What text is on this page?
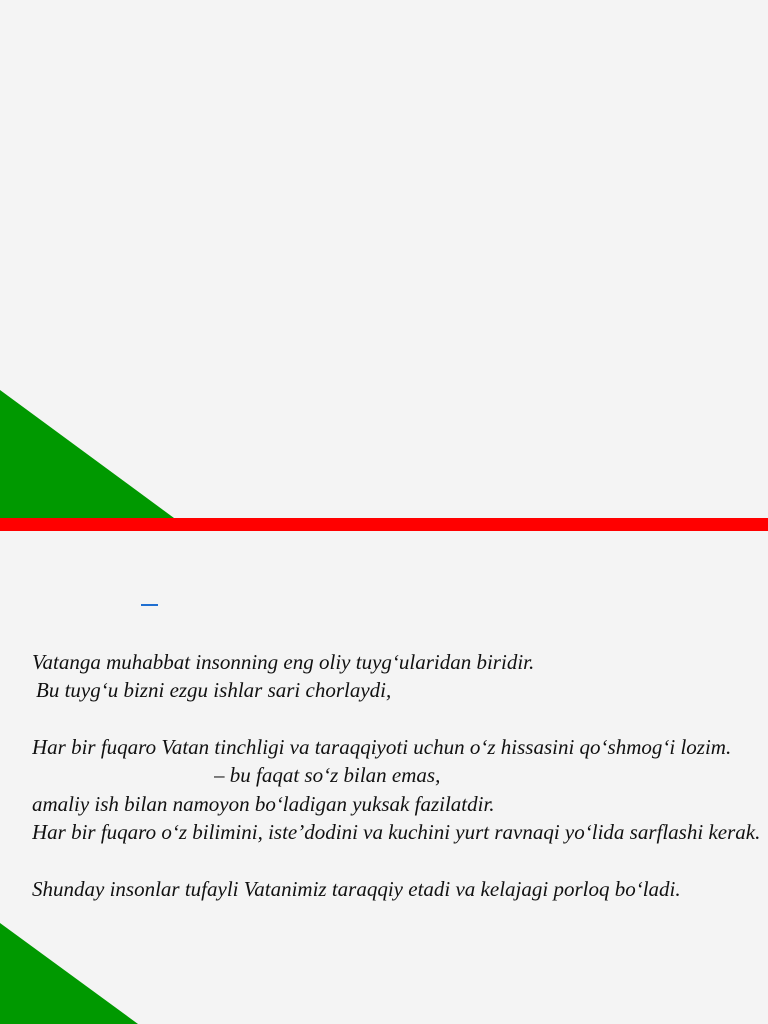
Vatanga muhabbat insonning eng oliy tuyg‘ularidan biridir.
Bu tuyg‘u bizni ezgu ishlar sari chorlaydi,
Har bir fuqaro Vatan tinchligi va taraqqiyoti uchun o‘z hissasini qo‘shmog‘i lozim.
– bu faqat so‘z bilan emas,
amaliy ish bilan namoyon bo‘ladigan yuksak fazilatdir.
Har bir fuqaro o‘z bilimini, iste’dodini va kuchini yurt ravnaqi yo‘lida sarflashi kerak.
Shunday insonlar tufayli Vatanimiz taraqqiy etadi va kelajagi porloq bo‘ladi.
